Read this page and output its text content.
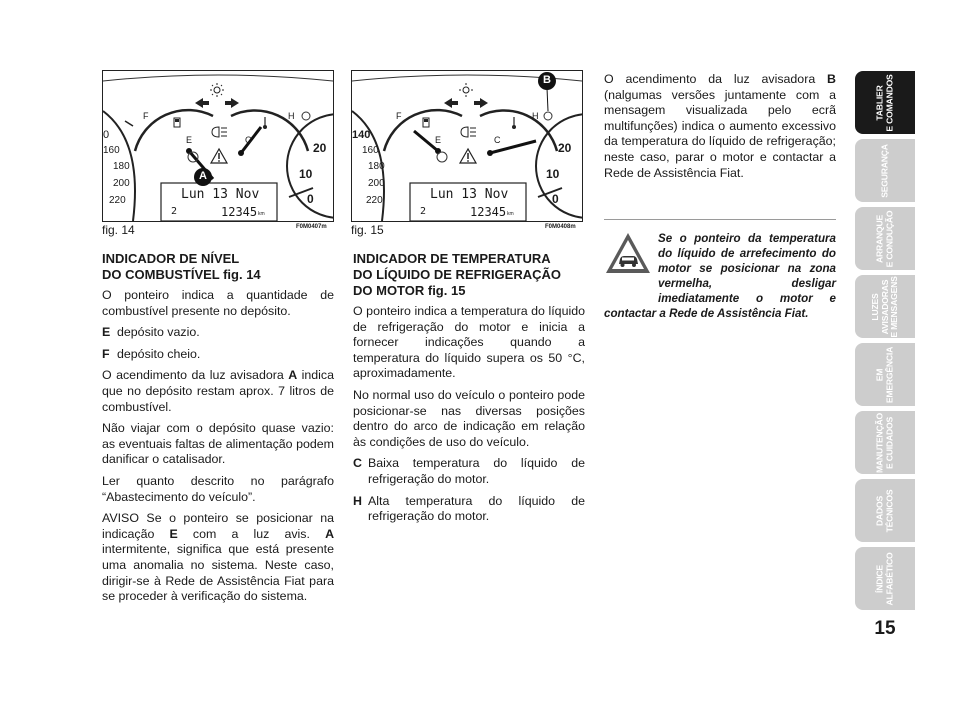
A
F
E	C
H
0
160
180
200
220
20
10
0
Lun 13 Nov
2	12345 km
fig. 14	F0M0407m
B
F
E	C
H
140
160
180
200
220
20
10
0
Lun 13 Nov
2	12345 km
fig. 15	F0M0408m
INDICADOR DE NÍVEL
DO COMBUSTÍVEL fig. 14

O ponteiro indica a quantidade de combustível presente no depósito.

E depósito vazio.
F depósito cheio.

O acendimento da luz avisadora A indica que no depósito restam aprox. 7 litros de combustível.

Não viajar com o depósito quase vazio: as eventuais faltas de alimentação podem danificar o catalisador.

Ler quanto descrito no parágrafo “Abastecimento do veículo”.

AVISO Se o ponteiro se posicionar na indicação E com a luz avis. A intermitente, significa que está presente uma anomalia no sistema. Neste caso, dirigir-se à Rede de Assistência Fiat para se proceder à verificação do sistema.

INDICADOR DE TEMPERATURA
DO LÍQUIDO DE REFRIGERAÇÃO
DO MOTOR fig. 15

O ponteiro indica a temperatura do líquido de refrigeração do motor e inicia a fornecer indicações quando a temperatura do líquido supera os 50 °C, aproximadamente.

No normal uso do veículo o ponteiro pode posicionar-se nas diversas posições dentro do arco de indicação em relação às condições de uso do veículo.

C Baixa temperatura do líquido de refrigeração do motor.
H Alta temperatura do líquido de refrigeração do motor.

O acendimento da luz avisadora B (nalgumas versões juntamente com a mensagem visualizada pelo ecrã multifunções) indica o aumento excessivo da temperatura do líquido de refrigeração; neste caso, parar o motor e contactar a Rede de Assistência Fiat.

Se o ponteiro da temperatura do líquido de arrefecimento do motor se posicionar na zona vermelha, desligar imediatamente o motor e contactar a Rede de Assistência Fiat.
TABLIER
E COMANDOS
SEGURANÇA
ARRANQUE
E CONDUÇÃO
LUZES
AVISADORAS
E MENSAGENS
EM
EMERGÊNCIA
MANUTENÇÃO
E CUIDADOS
DADOS
TÉCNICOS
ÍNDICE
ALFABÉTICO
15
